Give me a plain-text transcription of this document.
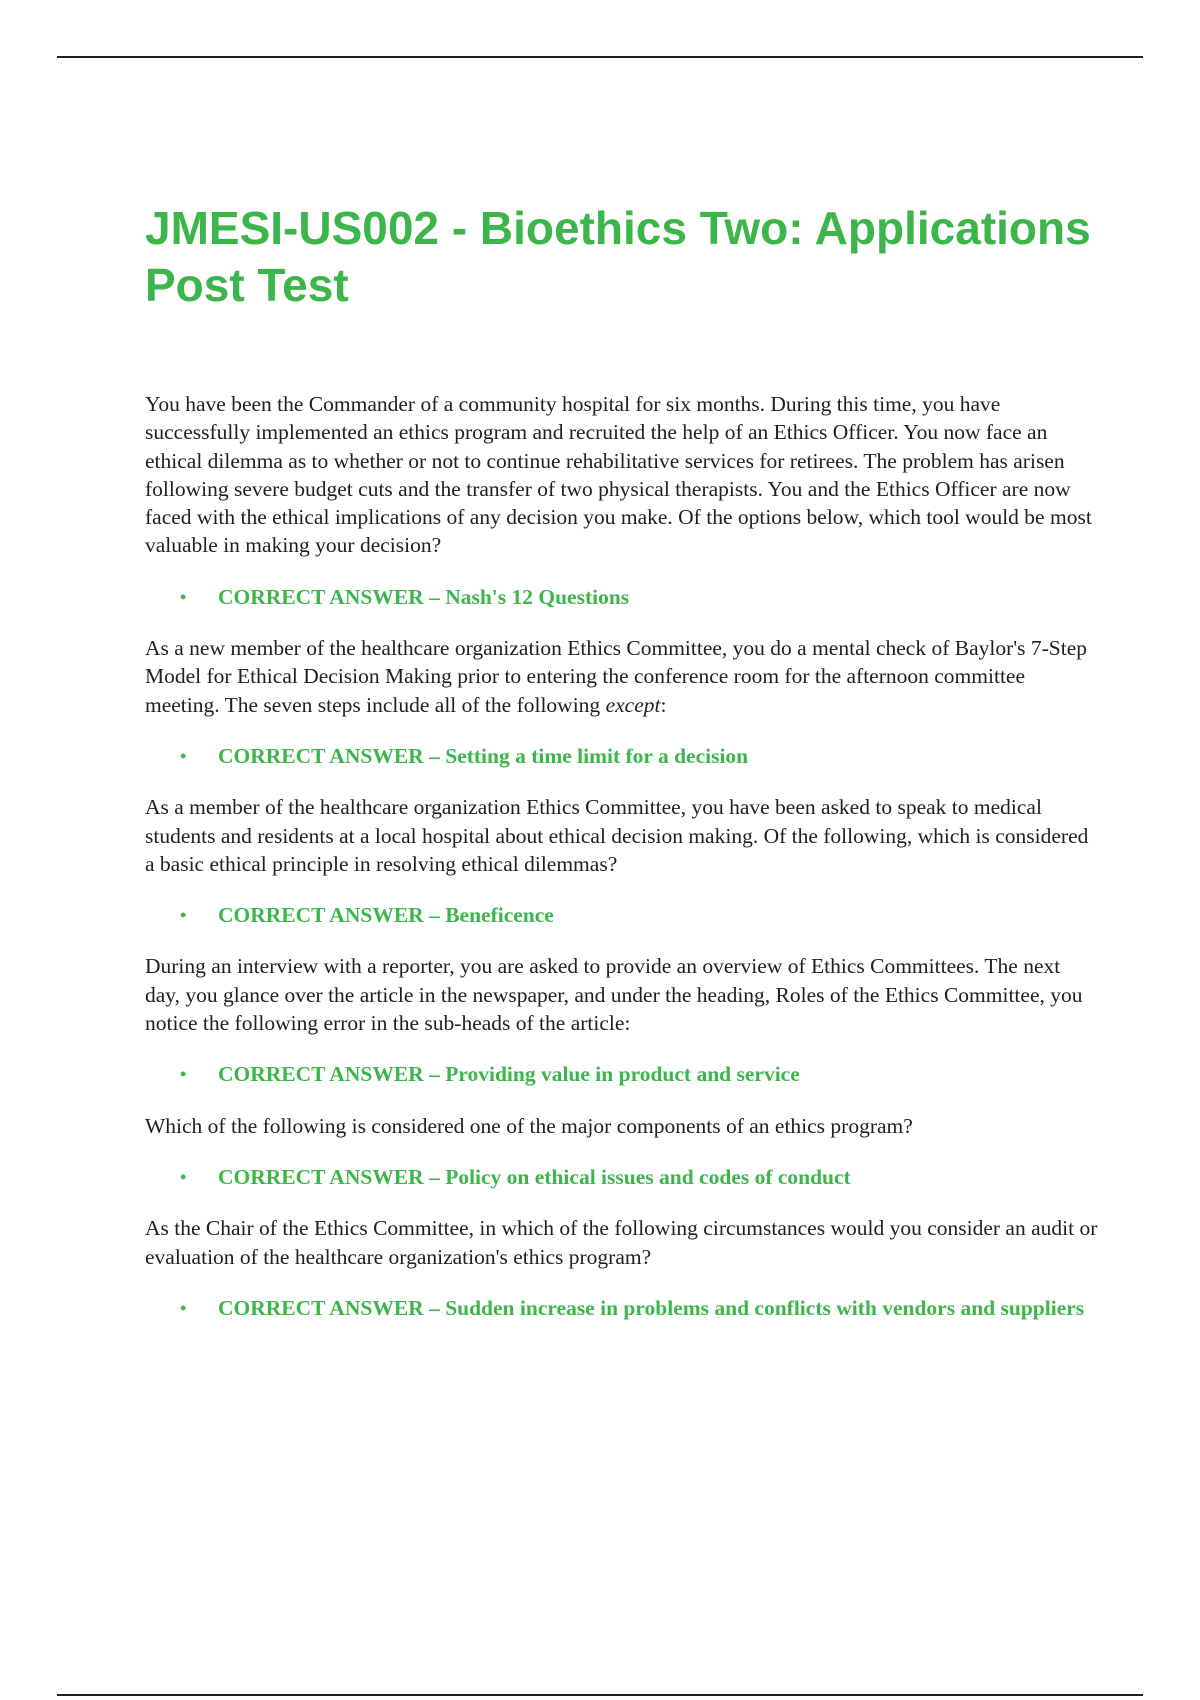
JMESI-US002 - Bioethics Two: Applications Post Test

You have been the Commander of a community hospital for six months. During this time, you have successfully implemented an ethics program and recruited the help of an Ethics Officer. You now face an ethical dilemma as to whether or not to continue rehabilitative services for retirees. The problem has arisen following severe budget cuts and the transfer of two physical therapists. You and the Ethics Officer are now faced with the ethical implications of any decision you make. Of the options below, which tool would be most valuable in making your decision?

• CORRECT ANSWER – Nash's 12 Questions

As a new member of the healthcare organization Ethics Committee, you do a mental check of Baylor's 7-Step Model for Ethical Decision Making prior to entering the conference room for the afternoon committee meeting. The seven steps include all of the following except:

• CORRECT ANSWER – Setting a time limit for a decision

As a member of the healthcare organization Ethics Committee, you have been asked to speak to medical students and residents at a local hospital about ethical decision making. Of the following, which is considered a basic ethical principle in resolving ethical dilemmas?

• CORRECT ANSWER – Beneficence

During an interview with a reporter, you are asked to provide an overview of Ethics Committees. The next day, you glance over the article in the newspaper, and under the heading, Roles of the Ethics Committee, you notice the following error in the sub-heads of the article:

• CORRECT ANSWER – Providing value in product and service

Which of the following is considered one of the major components of an ethics program?

• CORRECT ANSWER – Policy on ethical issues and codes of conduct

As the Chair of the Ethics Committee, in which of the following circumstances would you consider an audit or evaluation of the healthcare organization's ethics program?

• CORRECT ANSWER – Sudden increase in problems and conflicts with vendors and suppliers
